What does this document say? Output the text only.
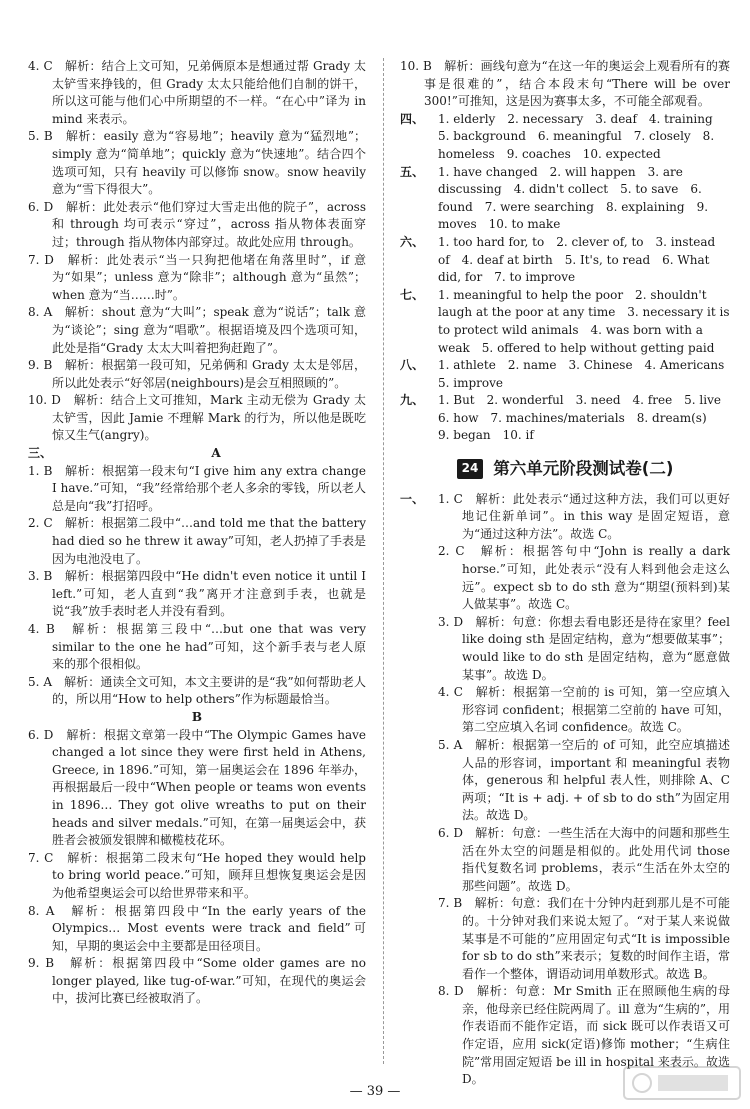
4. C　解析：结合上文可知，兄弟俩原本是想通过帮 Grady 太太铲雪来挣钱的，但 Grady 太太只能给他们自制的饼干，所以这可能与他们心中所期望的不一样。“在心中”译为 in mind 来表示。
5. B　解析：easily 意为“容易地”；heavily 意为“猛烈地”；simply 意为“简单地”；quickly 意为“快速地”。结合四个选项可知，只有 heavily 可以修饰 snow。snow heavily 意为“雪下得很大”。
6. D　解析：此处表示“他们穿过大雪走出他的院子”，across 和 through 均可表示“穿过”，across 指从物体表面穿过；through 指从物体内部穿过。故此处应用 through。
7. D　解析：此处表示“当一只狗把他堵在角落里时”，if 意为“如果”；unless 意为“除非”；although 意为“虽然”；when 意为“当……时”。
8. A　解析：shout 意为“大叫”；speak 意为“说话”；talk 意为“谈论”；sing 意为“唱歌”。根据语境及四个选项可知，此处是指“Grady 太太大叫着把狗赶跑了”。
9. B　解析：根据第一段可知，兄弟俩和 Grady 太太是邻居，所以此处表示“好邻居(neighbours)是会互相照顾的”。
10. D　解析：结合上文可推知，Mark 主动无偿为 Grady 太太铲雪，因此 Jamie 不理解 Mark 的行为，所以他是既吃惊又生气(angry)。
三、	A
1. B　解析：根据第一段末句“I give him any extra change I have.”可知，“我”经常给那个老人多余的零钱，所以老人总是向“我”打招呼。
2. C　解析：根据第二段中“…and told me that the battery had died so he threw it away”可知，老人扔掉了手表是因为电池没电了。
3. B　解析：根据第四段中“He didn't even notice it until I left.”可知，老人直到“我”离开才注意到手表，也就是说“我”放手表时老人并没有看到。
4. B　解析：根据第三段中“…but one that was very similar to the one he had”可知，这个新手表与老人原来的那个很相似。
5. A　解析：通读全文可知，本文主要讲的是“我”如何帮助老人的，所以用“How to help others”作为标题最恰当。
B
6. D　解析：根据文章第一段中“The Olympic Games have changed a lot since they were first held in Athens, Greece, in 1896.”可知，第一届奥运会在 1896 年举办，再根据最后一段中“When people or teams won events in 1896… They got olive wreaths to put on their heads and silver medals.”可知，在第一届奥运会中，获胜者会被颁发银牌和橄榄枝花环。
7. C　解析：根据第二段末句“He hoped they would help to bring world peace.”可知，顾拜旦想恢复奥运会是因为他希望奥运会可以给世界带来和平。
8. A　解析：根据第四段中“In the early years of the Olympics… Most events were track and field”可知，早期的奥运会中主要都是田径项目。
9. B　解析：根据第四段中“Some older games are no longer played, like tug-of-war.”可知，在现代的奥运会中，拔河比赛已经被取消了。
10. B　解析：画线句意为“在这一年的奥运会上观看所有的赛事是很难的”，结合本段末句“There will be over 300!”可推知，这是因为赛事太多，不可能全部观看。
四、	1. elderly　2. necessary　3. deaf　4. training　5. background　6. meaningful　7. closely　8. homeless　9. coaches　10. expected
五、	1. have changed　2. will happen　3. are discussing　4. didn't collect　5. to save　6. found　7. were searching　8. explaining　9. moves　10. to make
六、	1. too hard for, to　2. clever of, to　3. instead of　4. deaf at birth　5. It's, to read　6. What did, for　7. to improve
七、	1. meaningful to help the poor　2. shouldn't laugh at the poor at any time　3. necessary it is to protect wild animals　4. was born with a weak　5. offered to help without getting paid
八、	1. athlete　2. name　3. Chinese　4. Americans　5. improve
九、	1. But　2. wonderful　3. need　4. free　5. live　6. how　7. machines/materials　8. dream(s)　9. began　10. if
24 第六单元阶段测试卷(二)
一、	1. C　解析：此处表示“通过这种方法，我们可以更好地记住新单词”。in this way 是固定短语，意为“通过这种方法”。故选 C。
2. C　解析：根据答句中“John is really a dark horse.”可知，此处表示“没有人料到他会走这么远”。expect sb to do sth 意为“期望(预料到)某人做某事”。故选 C。
3. D　解析：句意：你想去看电影还是待在家里？feel like doing sth 是固定结构，意为“想要做某事”；would like to do sth 是固定结构，意为“愿意做某事”。故选 D。
4. C　解析：根据第一空前的 is 可知，第一空应填入形容词 confident；根据第二空前的 have 可知，第二空应填入名词 confidence。故选 C。
5. A　解析：根据第一空后的 of 可知，此空应填描述人品的形容词，important 和 meaningful 表物体，generous 和 helpful 表人性，则排除 A、C 两项；“It is + adj. + of sb to do sth”为固定用法。故选 D。
6. D　解析：句意：一些生活在大海中的问题和那些生活在外太空的问题是相似的。此处用代词 those 指代复数名词 problems，表示“生活在外太空的那些问题”。故选 D。
7. B　解析：句意：我们在十分钟内赶到那儿是不可能的。十分钟对我们来说太短了。“对于某人来说做某事是不可能的”应用固定句式“It is impossible for sb to do sth”来表示；复数的时间作主语，常看作一个整体，谓语动词用单数形式。故选 B。
8. D　解析：句意：Mr Smith 正在照顾他生病的母亲，他母亲已经住院两周了。ill 意为“生病的”，用作表语而不能作定语，而 sick 既可以作表语又可作定语，应用 sick(定语)修饰 mother；“生病住院”常用固定短语 be ill in hospital 来表示。故选 D。
— 39 —
